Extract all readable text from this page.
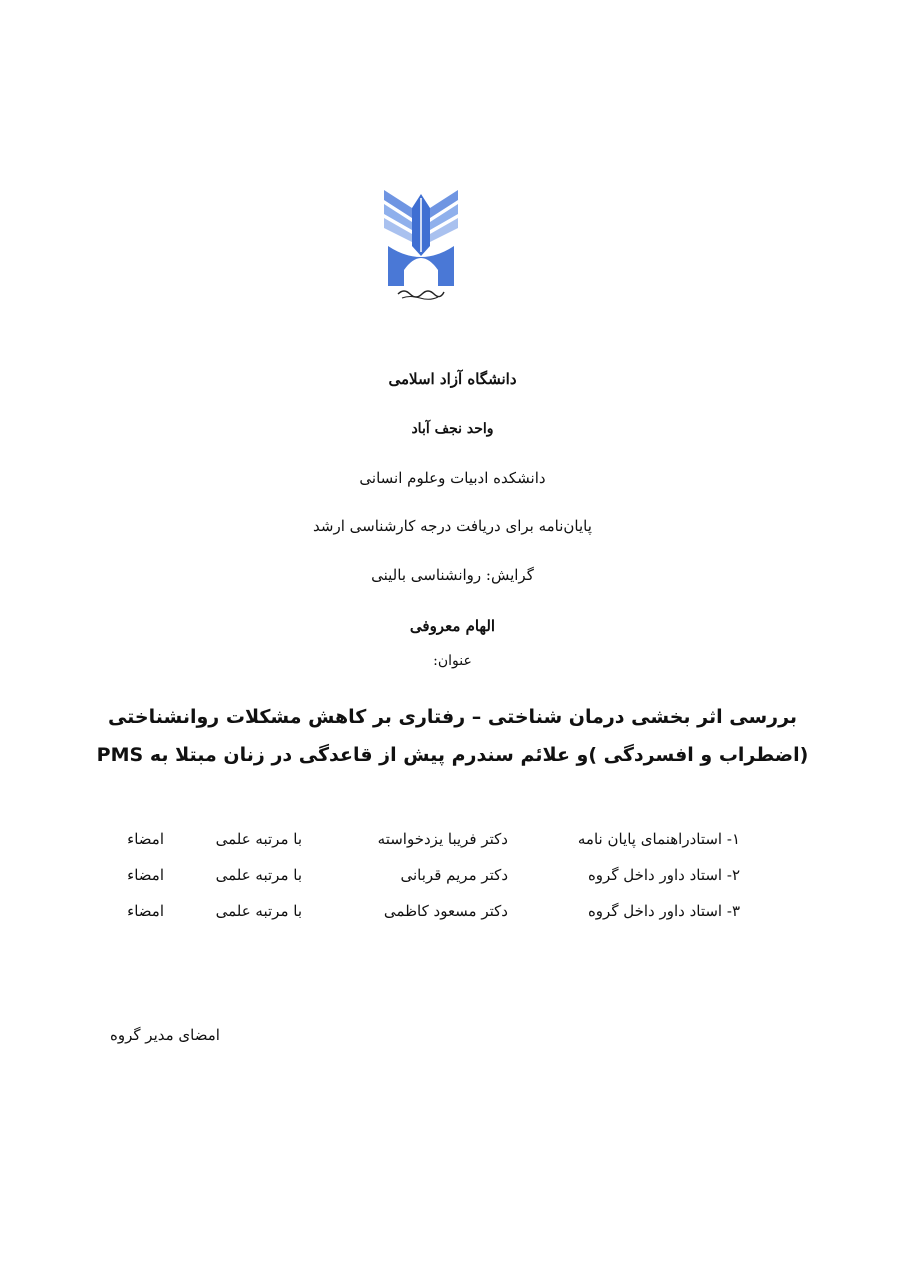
دانشگاه آزاد اسلامی
واحد نجف آباد
دانشکده ادبیات وعلوم انسانی
پایان‌نامه برای دریافت درجه کارشناسی ارشد
گرایش: روانشناسی بالینی
الهام معروفی
عنوان:
بررسی اثر بخشی درمان شناختی – رفتاری بر کاهش مشکلات روانشناختی
(اضطراب و افسردگی )و علائم سندرم پیش از قاعدگی در زنان مبتلا به PMS
۱- استادراهنمای پایان نامه
دکتر فریبا یزدخواسته
با مرتبه علمی
امضاء
۲- استاد داور داخل گروه
دکتر مریم قربانی
با مرتبه علمی
امضاء
۳- استاد داور داخل گروه
دکتر مسعود کاظمی
با مرتبه علمی
امضاء
امضای مدیر گروه
